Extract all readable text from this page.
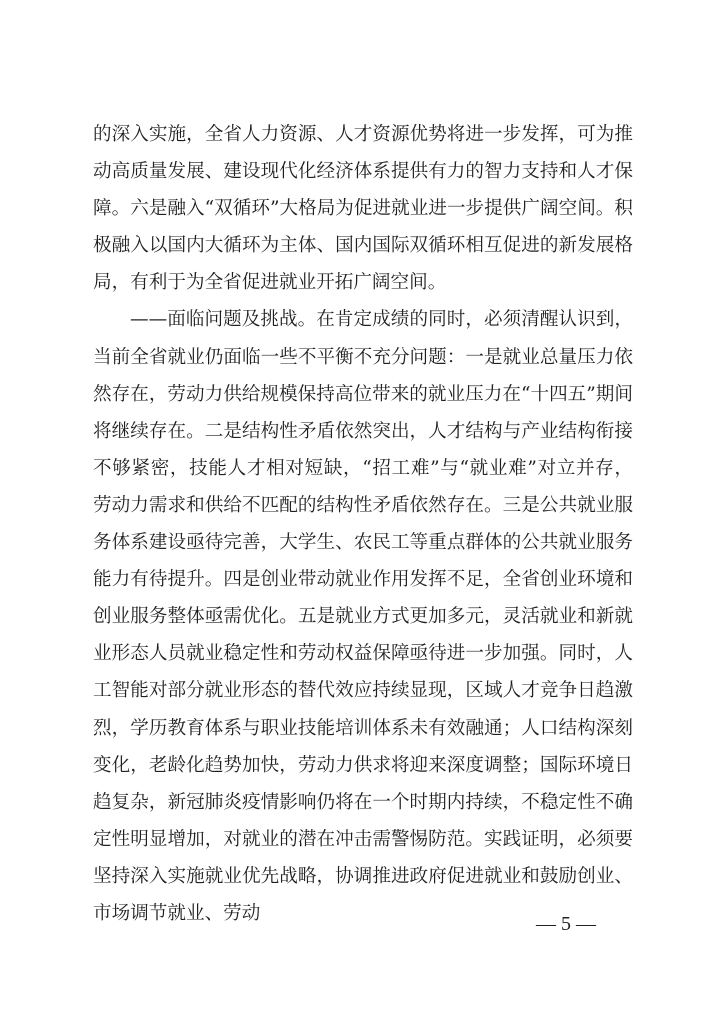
的深入实施，全省人力资源、人才资源优势将进一步发挥，可为推动高质量发展、建设现代化经济体系提供有力的智力支持和人才保障。六是融入“双循环”大格局为促进就业进一步提供广阔空间。积极融入以国内大循环为主体、国内国际双循环相互促进的新发展格局，有利于为全省促进就业开拓广阔空间。

——面临问题及挑战。在肯定成绩的同时，必须清醒认识到，当前全省就业仍面临一些不平衡不充分问题：一是就业总量压力依然存在，劳动力供给规模保持高位带来的就业压力在“十四五”期间将继续存在。二是结构性矛盾依然突出，人才结构与产业结构衔接不够紧密，技能人才相对短缺，“招工难”与“就业难”对立并存，劳动力需求和供给不匹配的结构性矛盾依然存在。三是公共就业服务体系建设亟待完善，大学生、农民工等重点群体的公共就业服务能力有待提升。四是创业带动就业作用发挥不足，全省创业环境和创业服务整体亟需优化。五是就业方式更加多元，灵活就业和新就业形态人员就业稳定性和劳动权益保障亟待进一步加强。同时，人工智能对部分就业形态的替代效应持续显现，区域人才竞争日趋激烈，学历教育体系与职业技能培训体系未有效融通；人口结构深刻变化，老龄化趋势加快，劳动力供求将迎来深度调整；国际环境日趋复杂，新冠肺炎疫情影响仍将在一个时期内持续，不稳定性不确定性明显增加，对就业的潜在冲击需警惕防范。实践证明，必须要坚持深入实施就业优先战略，协调推进政府促进就业和鼓励创业、市场调节就业、劳动	— 5 —
